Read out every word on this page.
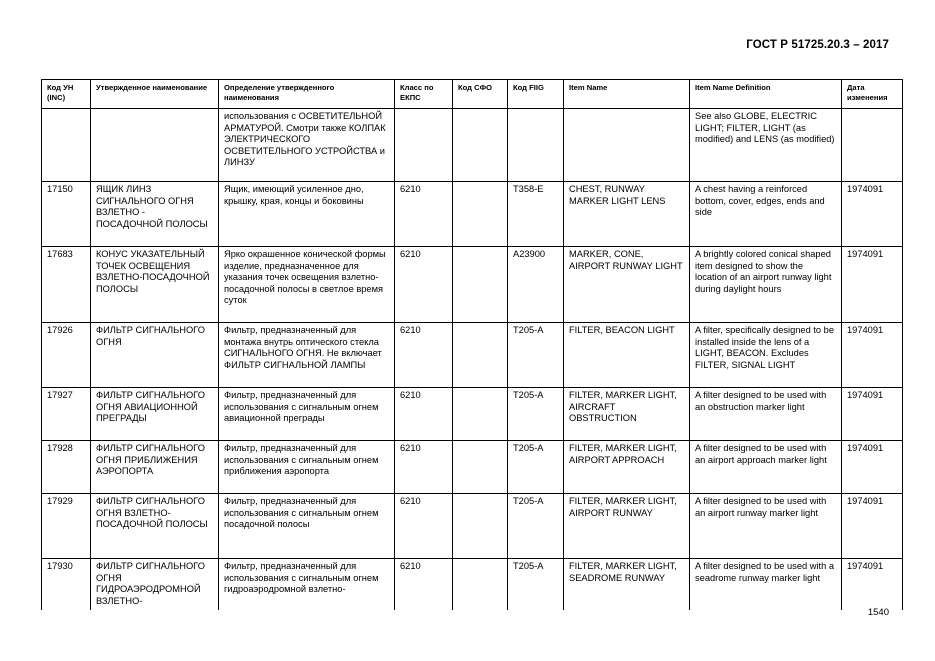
ГОСТ Р 51725.20.3 – 2017
Код УН (INC)	Утвержденное наименование	Определение утвержденного наименования	Класс по ЕКПС	Код СФО	Код FIIG	Item Name	Item Name Definition	Дата изменения
		использования с ОСВЕТИТЕЛЬНОЙ АРМАТУРОЙ. Смотри также КОЛПАК ЭЛЕКТРИЧЕСКОГО ОСВЕТИТЕЛЬНОГО УСТРОЙСТВА и ЛИНЗУ					See also GLOBE, ELECTRIC LIGHT; FILTER, LIGHT (as modified) and LENS (as modified)	
17150	ЯЩИК ЛИНЗ СИГНАЛЬНОГО ОГНЯ ВЗЛЕТНО - ПОСАДОЧНОЙ ПОЛОСЫ	Ящик, имеющий усиленное дно, крышку, края, концы и боковины	6210		T358-E	CHEST, RUNWAY MARKER LIGHT LENS	A chest having a reinforced bottom, cover, edges, ends and side	1974091
17683	КОНУС УКАЗАТЕЛЬНЫЙ ТОЧЕК ОСВЕЩЕНИЯ ВЗЛЕТНО-ПОСАДОЧНОЙ ПОЛОСЫ	Ярко окрашенное конической формы изделие, предназначенное для указания точек освещения взлетно-посадочной полосы в светлое время суток	6210		A23900	MARKER, CONE, AIRPORT RUNWAY LIGHT	A brightly colored conical shaped item designed to show the location of an airport runway light during daylight hours	1974091
17926	ФИЛЬТР СИГНАЛЬНОГО ОГНЯ	Фильтр, предназначенный для монтажа внутрь оптического стекла СИГНАЛЬНОГО ОГНЯ. Не включает ФИЛЬТР СИГНАЛЬНОЙ ЛАМПЫ	6210		T205-A	FILTER, BEACON LIGHT	A filter, specifically designed to be installed inside the lens of a LIGHT, BEACON. Excludes FILTER, SIGNAL LIGHT	1974091
17927	ФИЛЬТР СИГНАЛЬНОГО ОГНЯ АВИАЦИОННОЙ ПРЕГРАДЫ	Фильтр, предназначенный для использования с сигнальным огнем авиационной преграды	6210		T205-A	FILTER, MARKER LIGHT, AIRCRAFT OBSTRUCTION	A filter designed to be used with an obstruction marker light	1974091
17928	ФИЛЬТР СИГНАЛЬНОГО ОГНЯ ПРИБЛИЖЕНИЯ АЭРОПОРТА	Фильтр, предназначенный для использования с сигнальным огнем приближения аэропорта	6210		T205-A	FILTER, MARKER LIGHT, AIRPORT APPROACH	A filter designed to be used with an airport approach marker light	1974091
17929	ФИЛЬТР СИГНАЛЬНОГО ОГНЯ ВЗЛЕТНО-ПОСАДОЧНОЙ ПОЛОСЫ	Фильтр, предназначенный для использования с сигнальным огнем посадочной полосы	6210		T205-A	FILTER, MARKER LIGHT, AIRPORT RUNWAY	A filter designed to be used with an airport runway marker light	1974091
17930	ФИЛЬТР СИГНАЛЬНОГО ОГНЯ ГИДРОАЭРОДРОМНОЙ ВЗЛЕТНО-	Фильтр, предназначенный для использования с сигнальным огнем гидроаэродромной взлетно-	6210		T205-A	FILTER, MARKER LIGHT, SEADROME RUNWAY	A filter designed to be used with a seadrome runway marker light	1974091
1540
